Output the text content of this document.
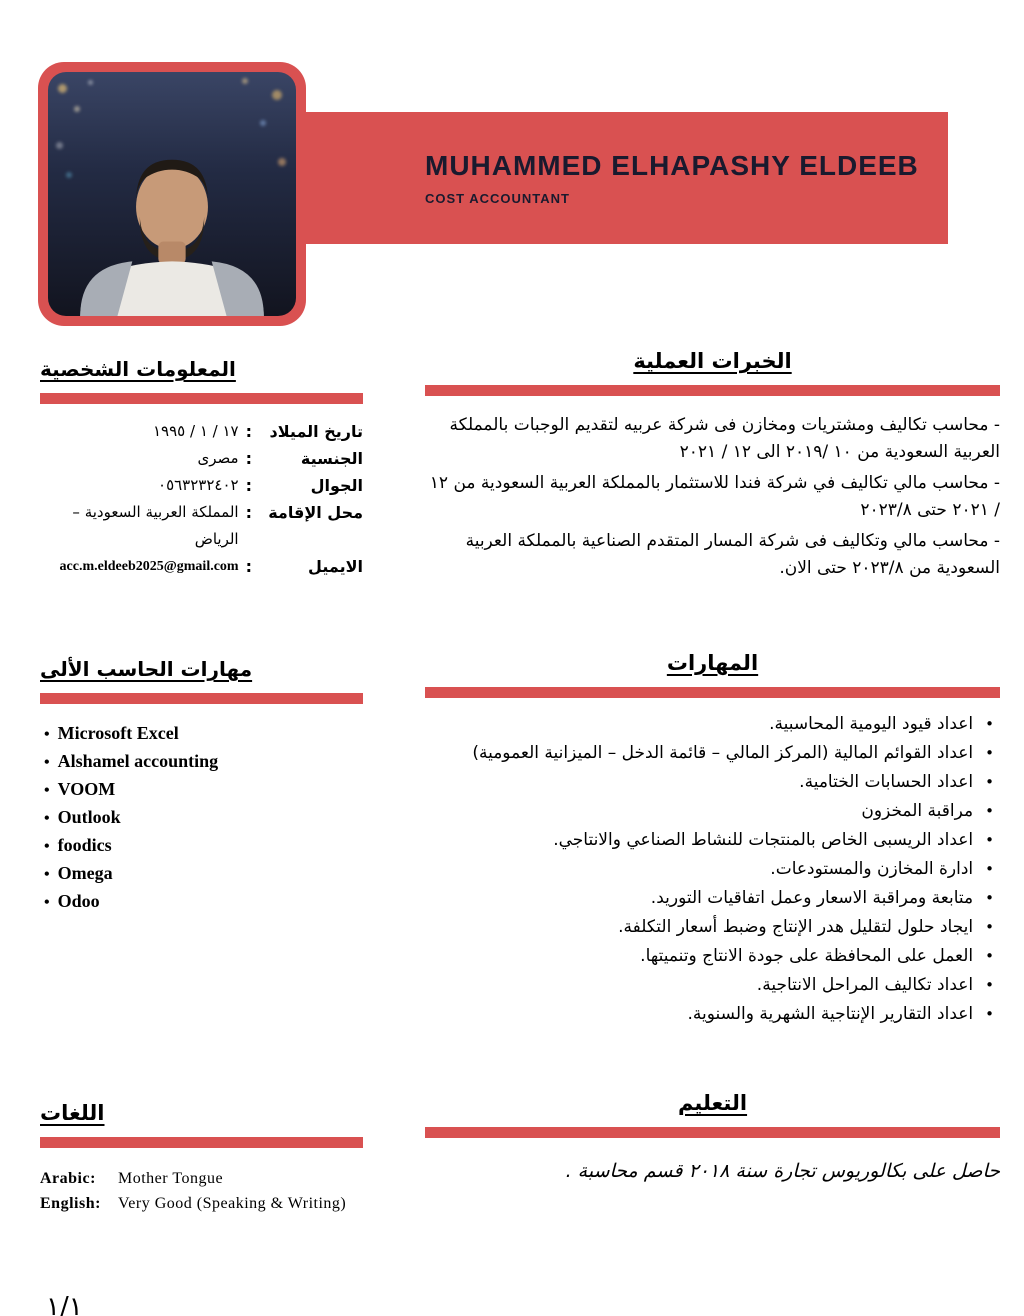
MUHAMMED ELHAPASHY ELDEEB
COST ACCOUNTANT
الخبرات العملية

- محاسب تكاليف ومشتريات ومخازن فى شركة عربيه لتقديم الوجبات بالمملكة العربية السعودية من ١٠ /٢٠١٩ الى ١٢ / ٢٠٢١

- محاسب مالي تكاليف في شركة فندا للاستثمار بالمملكة العربية السعودية من ١٢ / ٢٠٢١ حتى ٢٠٢٣/٨

- محاسب مالي وتكاليف فى شركة المسار المتقدم الصناعية بالمملكة العربية السعودية من ٢٠٢٣/٨ حتى الان.

المعلومات الشخصية
تاريخ الميلاد
:
١٧ / ١ / ١٩٩٥
الجنسية
:
مصرى
الجوال
:
٠٥٦٣٢٣٢٤٠٢
محل الإقامة
:
المملكة العربية السعودية – الرياض
الايميل
:
acc.m.eldeeb2025@gmail.com
المهارات
•
اعداد قيود اليومية المحاسبية.
•
اعداد القوائم المالية (المركز المالي – قائمة الدخل – الميزانية العمومية)
•
اعداد الحسابات الختامية.
•
مراقبة المخزون
•
اعداد الريسبى الخاص بالمنتجات للنشاط الصناعي والانتاجي.
•
ادارة المخازن والمستودعات.
•
متابعة ومراقبة الاسعار وعمل اتفاقيات التوريد.
•
ايجاد حلول لتقليل هدر الإنتاج وضبط أسعار التكلفة.
•
العمل على المحافظة على جودة الانتاج وتنميتها.
•
اعداد تكاليف المراحل الانتاجية.
•
اعداد التقارير الإنتاجية الشهرية والسنوية.
مهارات الحاسب الألى
• Microsoft Excel
• Alshamel accounting
• VOOM
• Outlook
• foodics
• Omega
• Odoo
التعليم

حاصل على بكالوريوس تجارة سنة ٢٠١٨ قسم محاسبة .

اللغات
Arabic:	Mother Tongue
English:	Very Good (Speaking & Writing)
١/١
